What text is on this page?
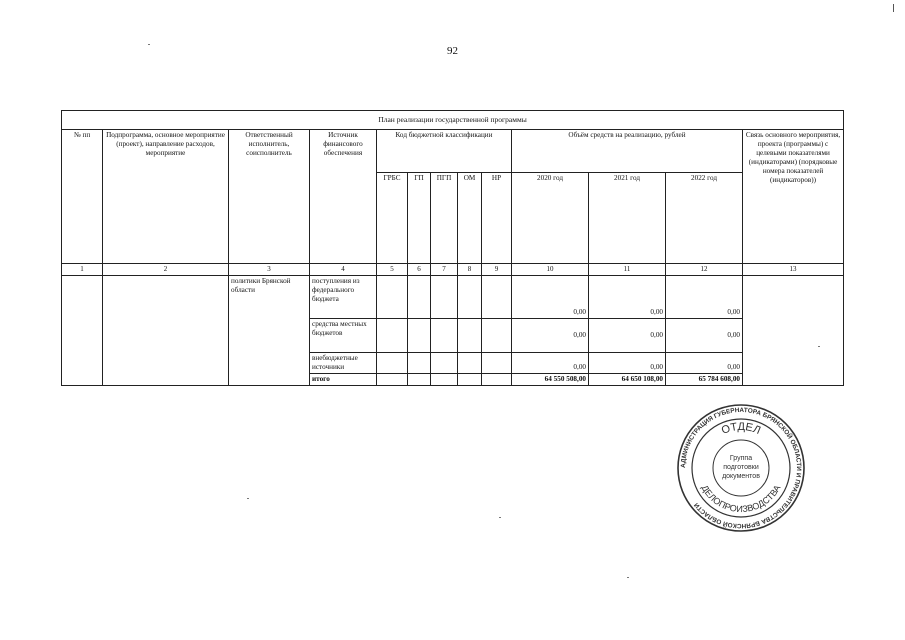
92
План реализации государственной программы												
№ пп	Подпрограмма, основное мероприятие (проект), направление расходов, мероприятие	Ответственный исполнитель, соисполнитель	Источник финансового обеспечения	Код бюджетной классификации					Объём средств на реализацию, рублей			Связь основного мероприятия, проекта (программы) с целевыми показателями (индикаторами) (порядковые номера показателей (индикаторов))
				ГРБС	ГП	ПГП	ОМ	НР	2020 год	2021 год	2022 год	
1	2	3	4	5	6	7	8	9	10	11	12	13
		политики Брянской области	поступления из федерального бюджета						0,00	0,00	0,00	
			средства местных бюджетов						0,00	0,00	0,00	
			внебюджетные источники						0,00	0,00	0,00	
			итого						64 550 508,00	64 650 108,00	65 784 608,00	
АДМИНИСТРАЦИЯ ГУБЕРНАТОРА БРЯНСКОЙ ОБЛАСТИ И ПРАВИТЕЛЬСТВА БРЯНСКОЙ ОБЛАСТИ
ОТДЕЛ
ДЕЛОПРОИЗВОДСТВА
Группа
подготовки
документов
